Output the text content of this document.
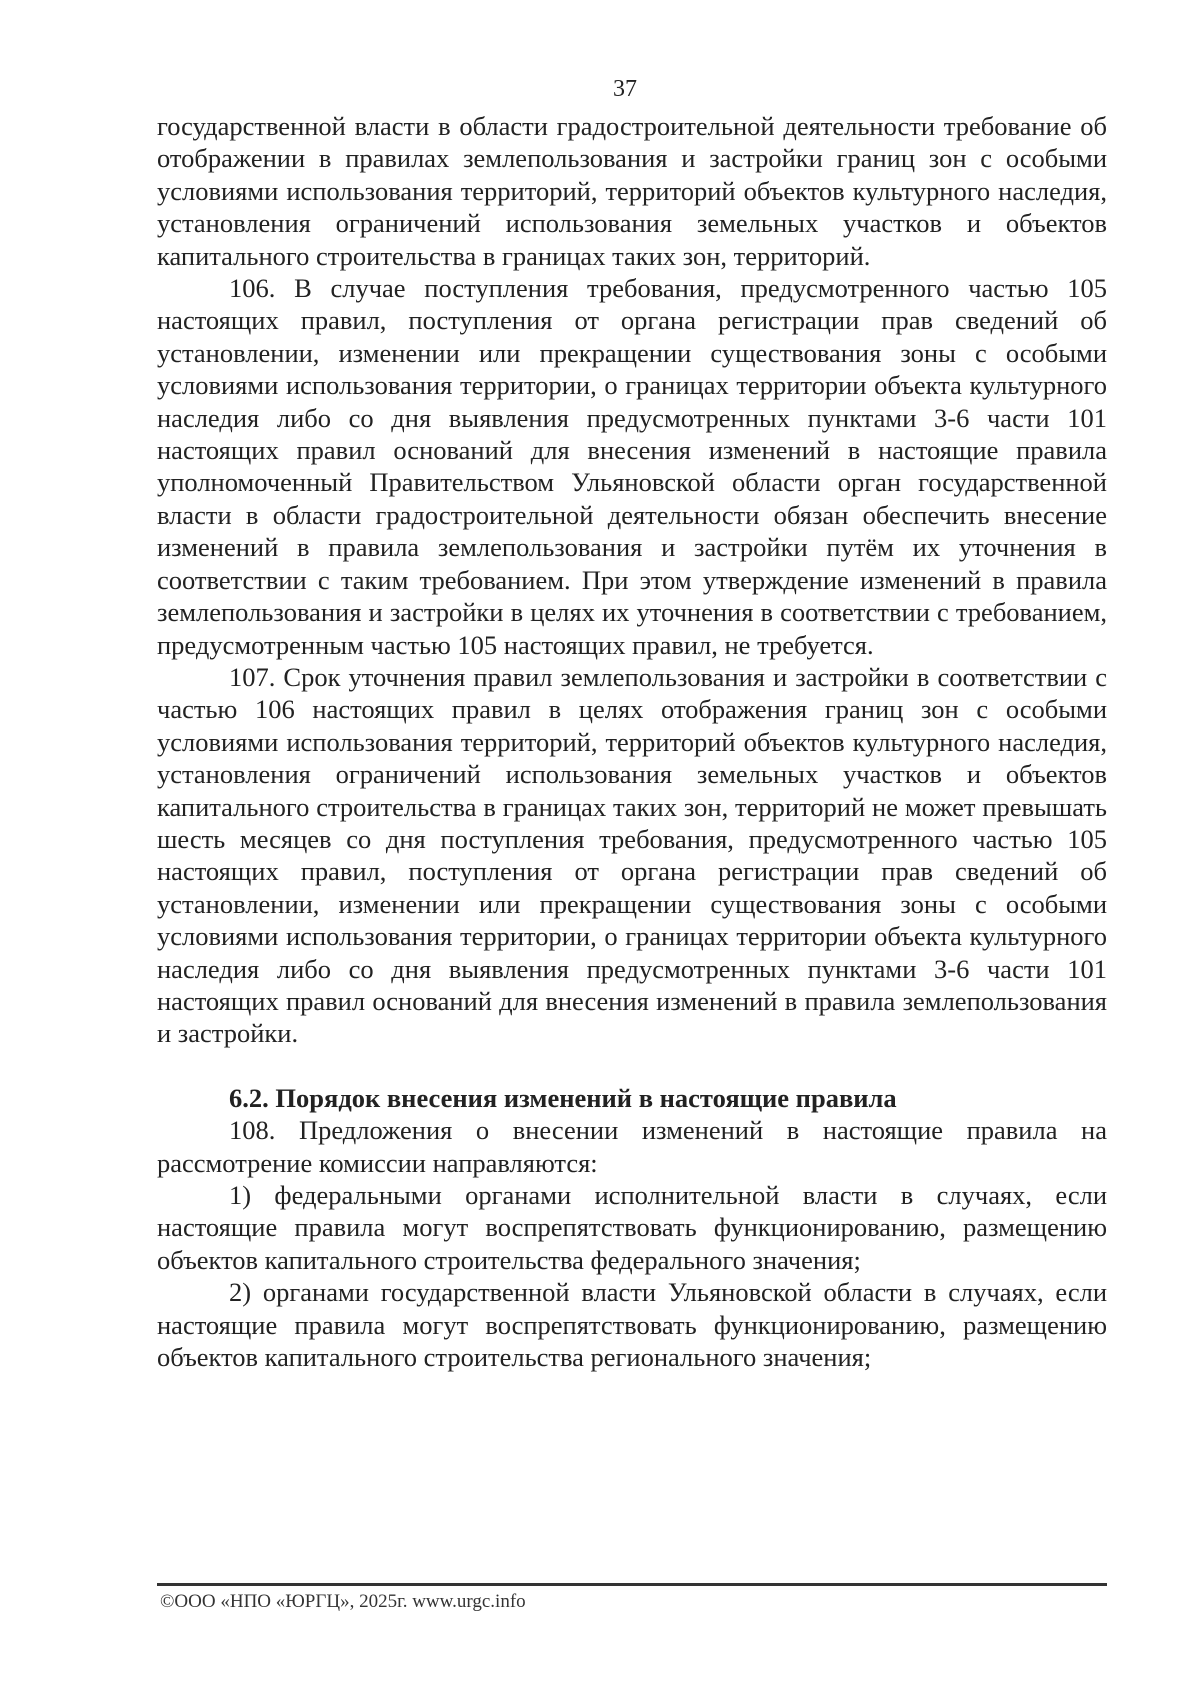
37

государственной власти в области градостроительной деятельности требование об отображении в правилах землепользования и застройки границ зон с особыми условиями использования территорий, территорий объектов культурного наследия, установления ограничений использования земельных участков и объектов капитального строительства в границах таких зон, территорий.

106. В случае поступления требования, предусмотренного частью 105 настоящих правил, поступления от органа регистрации прав сведений об установлении, изменении или прекращении существования зоны с особыми условиями использования территории, о границах территории объекта культурного наследия либо со дня выявления предусмотренных пунктами 3-6 части 101 настоящих правил оснований для внесения изменений в настоящие правила уполномоченный Правительством Ульяновской области орган государственной власти в области градостроительной деятельности обязан обеспечить внесение изменений в правила землепользования и застройки путём их уточнения в соответствии с таким требованием. При этом утверждение изменений в правила землепользования и застройки в целях их уточнения в соответствии с требованием, предусмотренным частью 105 настоящих правил, не требуется.

107. Срок уточнения правил землепользования и застройки в соответствии с частью 106 настоящих правил в целях отображения границ зон с особыми условиями использования территорий, территорий объектов культурного наследия, установления ограничений использования земельных участков и объектов капитального строительства в границах таких зон, территорий не может превышать шесть месяцев со дня поступления требования, предусмотренного частью 105 настоящих правил, поступления от органа регистрации прав сведений об установлении, изменении или прекращении существования зоны с особыми условиями использования территории, о границах территории объекта культурного наследия либо со дня выявления предусмотренных пунктами 3-6 части 101 настоящих правил оснований для внесения изменений в правила землепользования и застройки.

6.2. Порядок внесения изменений в настоящие правила

108. Предложения о внесении изменений в настоящие правила на рассмотрение комиссии направляются:

1) федеральными органами исполнительной власти в случаях, если настоящие правила могут воспрепятствовать функционированию, размещению объектов капитального строительства федерального значения;

2) органами государственной власти Ульяновской области в случаях, если настоящие правила могут воспрепятствовать функционированию, размещению объектов капитального строительства регионального значения;

©ООО «НПО «ЮРГЦ», 2025г. www.urgc.info
